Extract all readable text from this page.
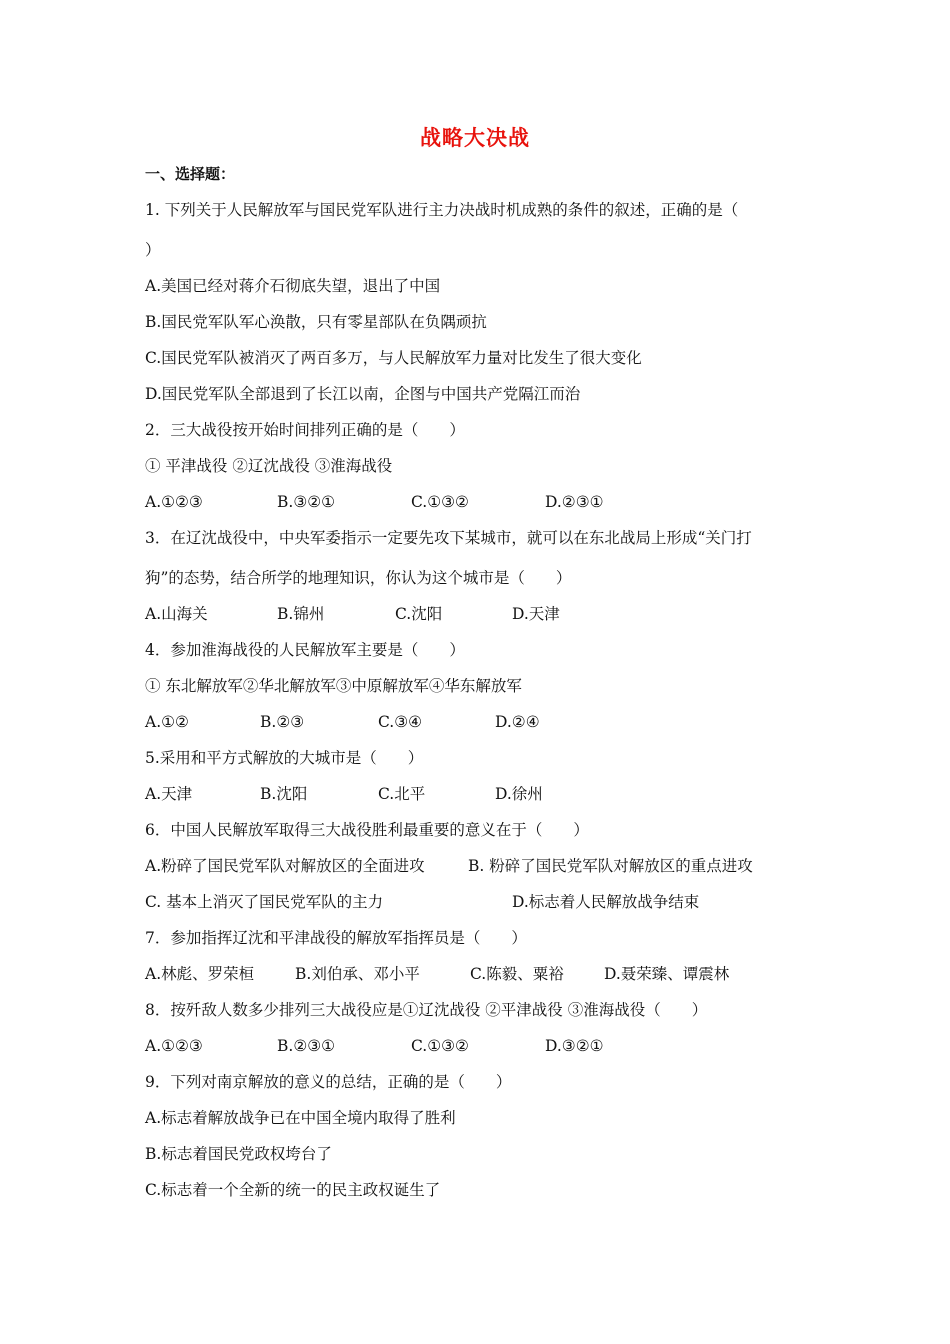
战略大决战
一、选择题：
1. 下列关于人民解放军与国民党军队进行主力决战时机成熟的条件的叙述，正确的是（
）
A.美国已经对蒋介石彻底失望，退出了中国
B.国民党军队军心涣散，只有零星部队在负隅顽抗
C.国民党军队被消灭了两百多万，与人民解放军力量对比发生了很大变化
D.国民党军队全部退到了长江以南，企图与中国共产党隔江而治
2．三大战役按开始时间排列正确的是（　　）
① 平津战役 ②辽沈战役 ③淮海战役
A.①②③	B.③②①	C.①③②	D.②③①
3．在辽沈战役中，中央军委指示一定要先攻下某城市，就可以在东北战局上形成“关门打
狗”的态势，结合所学的地理知识，你认为这个城市是（　　）
A.山海关	B.锦州	C.沈阳	D.天津
4．参加淮海战役的人民解放军主要是（　　）
① 东北解放军②华北解放军③中原解放军④华东解放军
A.①②	B.②③	C.③④	D.②④
5.采用和平方式解放的大城市是（　　）
A.天津	B.沈阳	C.北平	D.徐州
6．中国人民解放军取得三大战役胜利最重要的意义在于（　　）
A.粉碎了国民党军队对解放区的全面进攻	B. 粉碎了国民党军队对解放区的重点进攻
C. 基本上消灭了国民党军队的主力	D.标志着人民解放战争结束
7．参加指挥辽沈和平津战役的解放军指挥员是（　　）
A.林彪、罗荣桓	B.刘伯承、邓小平	C.陈毅、粟裕	D.聂荣臻、谭震林
8．按歼敌人数多少排列三大战役应是①辽沈战役 ②平津战役 ③淮海战役（　　）
A.①②③	B.②③①	C.①③②	D.③②①
9．下列对南京解放的意义的总结，正确的是（　　）
A.标志着解放战争已在中国全境内取得了胜利
B.标志着国民党政权垮台了
C.标志着一个全新的统一的民主政权诞生了
